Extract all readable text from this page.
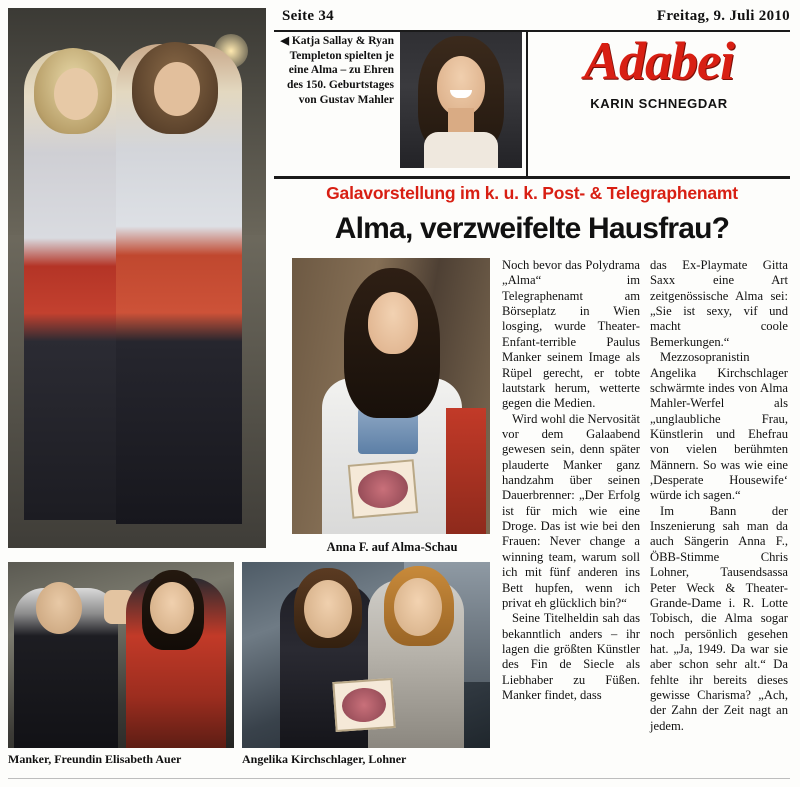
Seite 34	Freitag, 9. Juli 2010
◀ Katja Sallay & Ryan Templeton spielten je eine Alma – zu Ehren des 150. Geburtstages von Gustav Mahler
Adabei
KARIN SCHNEGDAR
Galavorstellung im k. u. k. Post- & Telegraphenamt
Alma, verzweifelte Hausfrau?
Anna F. auf Alma-Schau
Manker, Freundin Elisabeth Auer	Angelika Kirchschlager, Lohner

Noch bevor das Polydrama „Alma“ im Telegraphenamt am Börseplatz in Wien losging, wurde Theater-Enfant-terrible Paulus Manker seinem Image als Rüpel gerecht, er tobte lautstark herum, wetterte gegen die Medien.

Wird wohl die Nervosität vor dem Galaabend gewesen sein, denn später plauderte Manker ganz handzahm über seinen Dauerbrenner: „Der Erfolg ist für mich wie eine Droge. Das ist wie bei den Frauen: Never change a winning team, warum soll ich mit fünf anderen ins Bett hupfen, wenn ich privat eh glücklich bin?“

Seine Titelheldin sah das bekanntlich anders – ihr lagen die größten Künstler des Fin de Siecle als Liebhaber zu Füßen. Manker findet, dass

das Ex-Playmate Gitta Saxx eine Art zeitgenössische Alma sei: „Sie ist sexy, vif und macht coole Bemerkungen.“

Mezzosopranistin Angelika Kirchschlager schwärmte indes von Alma Mahler-Werfel als „unglaubliche Frau, Künstlerin und Ehefrau von vielen berühmten Männern. So was wie eine ,Desperate Housewife‘ würde ich sagen.“

Im Bann der Inszenierung sah man da auch Sängerin Anna F., ÖBB-Stimme Chris Lohner, Tausendsassa Peter Weck & Theater-Grande-Dame i. R. Lotte Tobisch, die Alma sogar noch persönlich gesehen hat. „Ja, 1949. Da war sie aber schon sehr alt.“ Da fehlte ihr bereits dieses gewisse Charisma? „Ach, der Zahn der Zeit nagt an jedem.
